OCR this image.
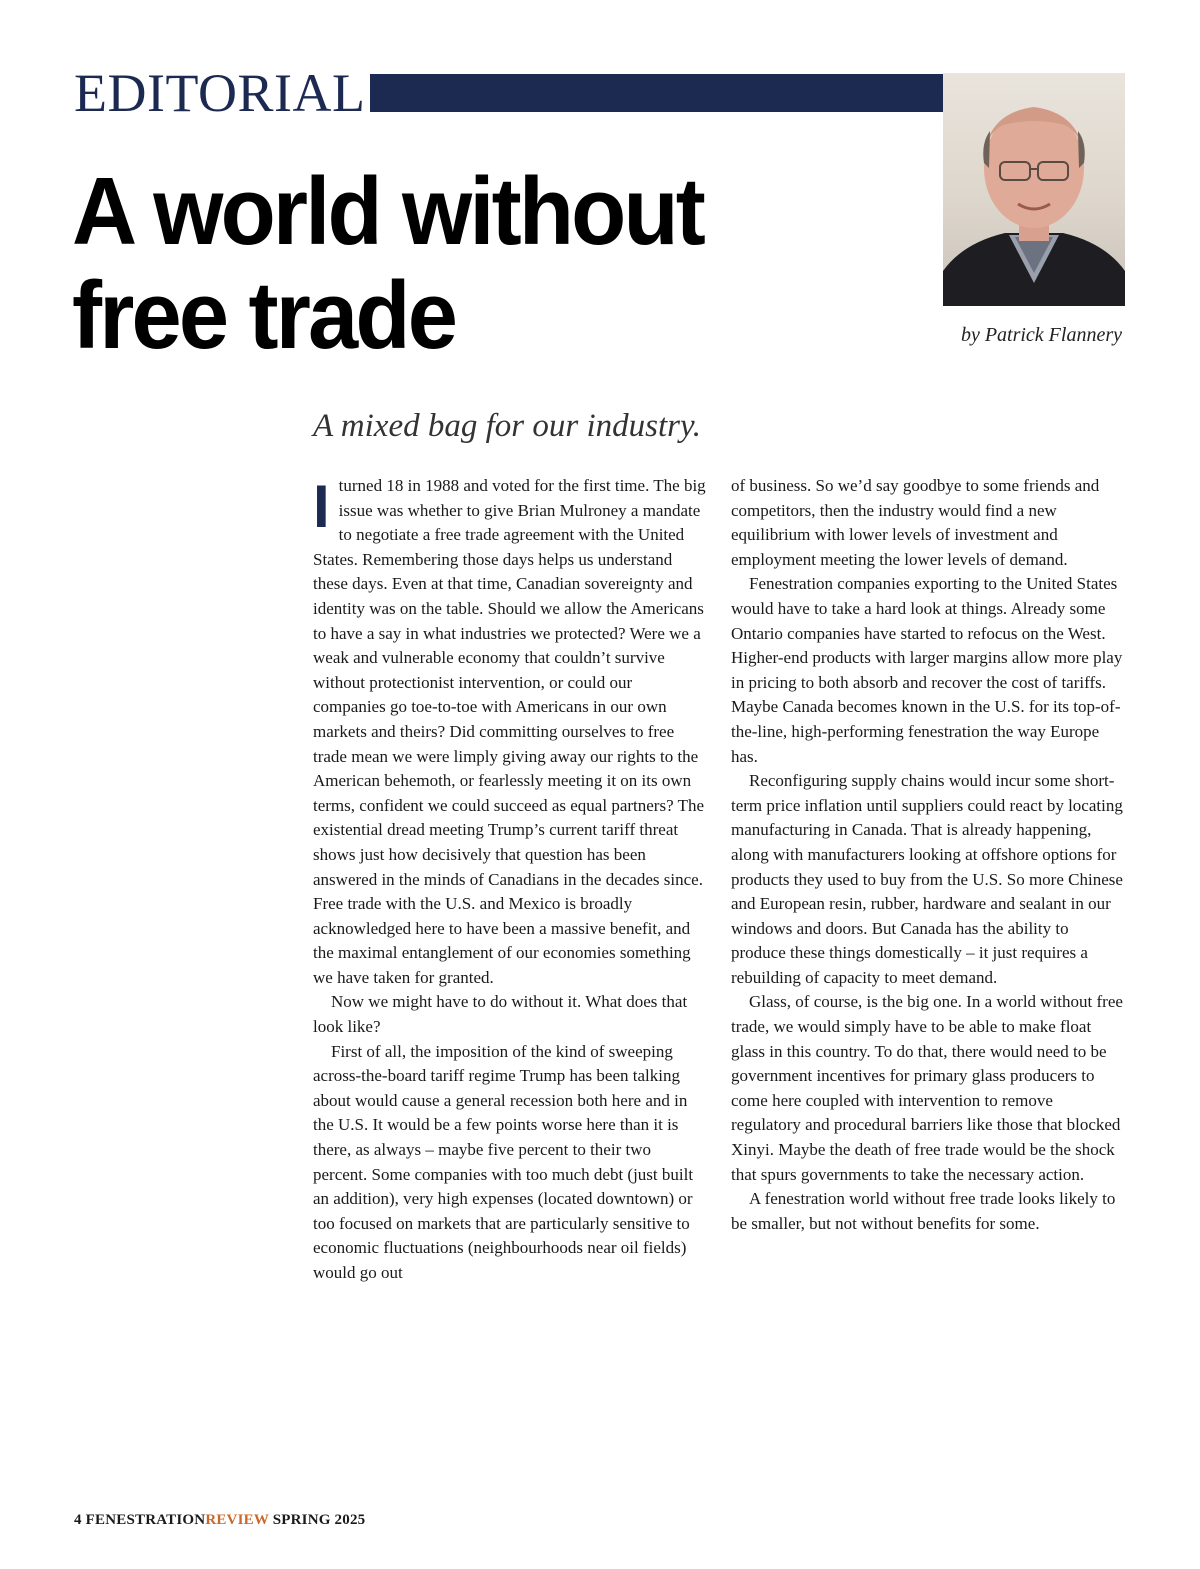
EDITORIAL
A world without
free trade	by Patrick Flannery
A mixed bag for our industry.

Iturned 18 in 1988 and voted for the first time. The big issue was whether to give Brian Mulroney a mandate to negotiate a free trade agreement with the United States. Remembering those days helps us understand these days. Even at that time, Canadian sovereignty and identity was on the table. Should we allow the Americans to have a say in what industries we protected? Were we a weak and vulnerable economy that couldn’t survive without protectionist intervention, or could our companies go toe-to-toe with Americans in our own markets and theirs? Did committing ourselves to free trade mean we were limply giving away our rights to the American behemoth, or fearlessly meeting it on its own terms, confident we could succeed as equal partners? The existential dread meeting Trump’s current tariff threat shows just how decisively that question has been answered in the minds of Canadians in the decades since. Free trade with the U.S. and Mexico is broadly acknowledged here to have been a massive benefit, and the maximal entanglement of our economies something we have taken for granted.

Now we might have to do without it. What does that look like?

First of all, the imposition of the kind of sweeping across-the-board tariff regime Trump has been talking about would cause a general recession both here and in the U.S. It would be a few points worse here than it is there, as always – maybe five percent to their two percent. Some companies with too much debt (just built an addition), very high expenses (located downtown) or too focused on markets that are particularly sensitive to economic fluctuations (neighbourhoods near oil fields) would go out

of business. So we’d say goodbye to some friends and competitors, then the industry would find a new equilibrium with lower levels of investment and employment meeting the lower levels of demand.

Fenestration companies exporting to the United States would have to take a hard look at things. Already some Ontario companies have started to refocus on the West. Higher-end products with larger margins allow more play in pricing to both absorb and recover the cost of tariffs. Maybe Canada becomes known in the U.S. for its top-of-the-line, high-performing fenestration the way Europe has.

Reconfiguring supply chains would incur some short-term price inflation until suppliers could react by locating manufacturing in Canada. That is already happening, along with manufacturers looking at offshore options for products they used to buy from the U.S. So more Chinese and European resin, rubber, hardware and sealant in our windows and doors. But Canada has the ability to produce these things domestically – it just requires a rebuilding of capacity to meet demand.

Glass, of course, is the big one. In a world without free trade, we would simply have to be able to make float glass in this country. To do that, there would need to be government incentives for primary glass producers to come here coupled with intervention to remove regulatory and procedural barriers like those that blocked Xinyi. Maybe the death of free trade would be the shock that spurs governments to take the necessary action.

A fenestration world without free trade looks likely to be smaller, but not without benefits for some.

4 FENESTRATIONREVIEW SPRING 2025
